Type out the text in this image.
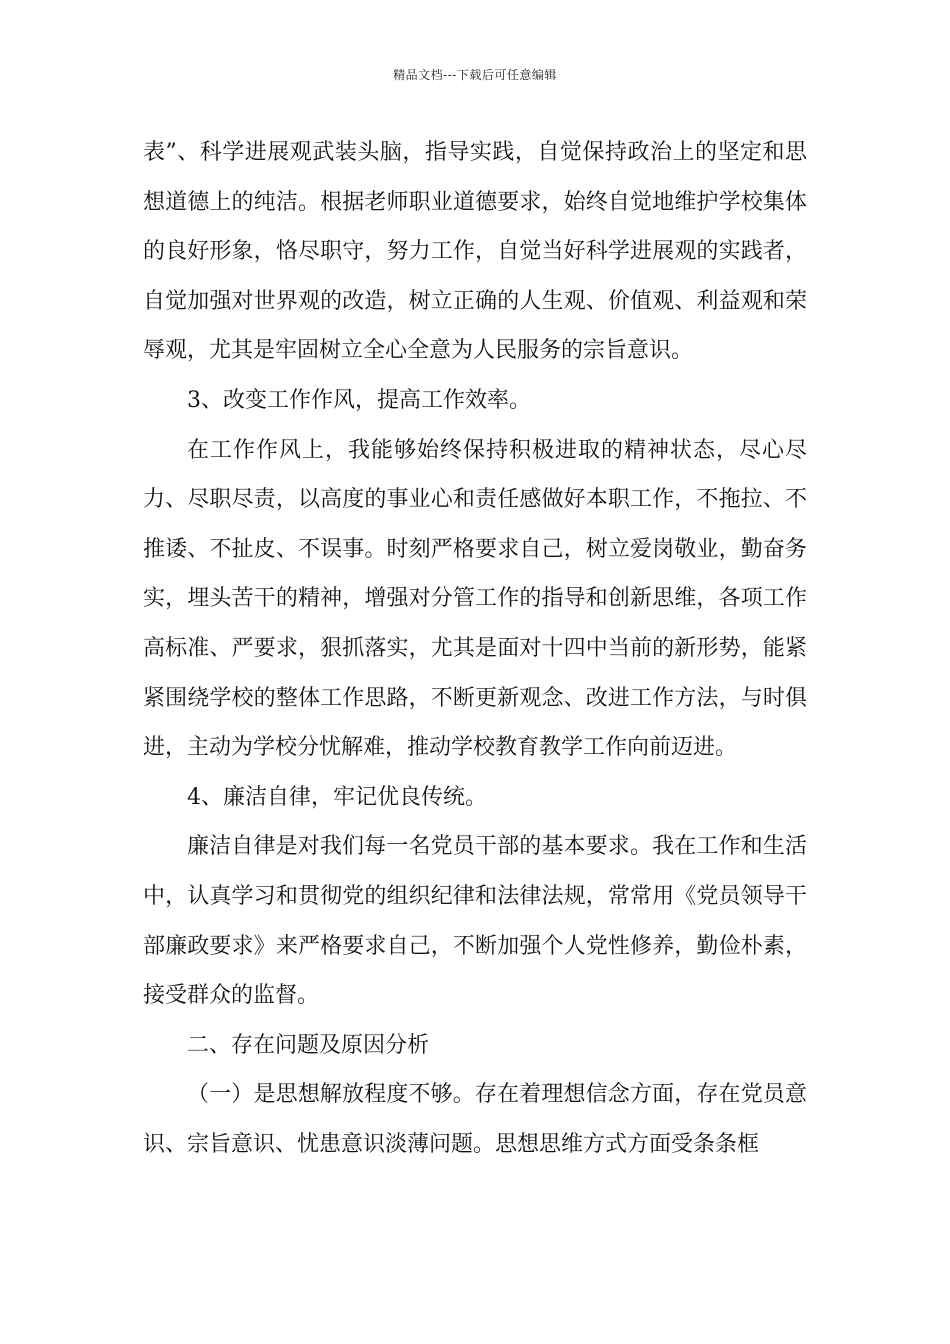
精品文档---下载后可任意编辑

表”、科学进展观武装头脑，指导实践，自觉保持政治上的坚定和思想道德上的纯洁。根据老师职业道德要求，始终自觉地维护学校集体的良好形象，恪尽职守，努力工作，自觉当好科学进展观的实践者，自觉加强对世界观的改造，树立正确的人生观、价值观、利益观和荣辱观，尤其是牢固树立全心全意为人民服务的宗旨意识。

3、改变工作作风，提高工作效率。

在工作作风上，我能够始终保持积极进取的精神状态，尽心尽力、尽职尽责，以高度的事业心和责任感做好本职工作，不拖拉、不推诿、不扯皮、不误事。时刻严格要求自己，树立爱岗敬业，勤奋务实，埋头苦干的精神，增强对分管工作的指导和创新思维，各项工作高标准、严要求，狠抓落实，尤其是面对十四中当前的新形势，能紧紧围绕学校的整体工作思路，不断更新观念、改进工作方法，与时俱进，主动为学校分忧解难，推动学校教育教学工作向前迈进。

4、廉洁自律，牢记优良传统。

廉洁自律是对我们每一名党员干部的基本要求。我在工作和生活中，认真学习和贯彻党的组织纪律和法律法规，常常用《党员领导干部廉政要求》来严格要求自己，不断加强个人党性修养，勤俭朴素，接受群众的监督。

二、存在问题及原因分析

（一）是思想解放程度不够。存在着理想信念方面，存在党员意识、宗旨意识、忧患意识淡薄问题。思想思维方式方面受条条框
